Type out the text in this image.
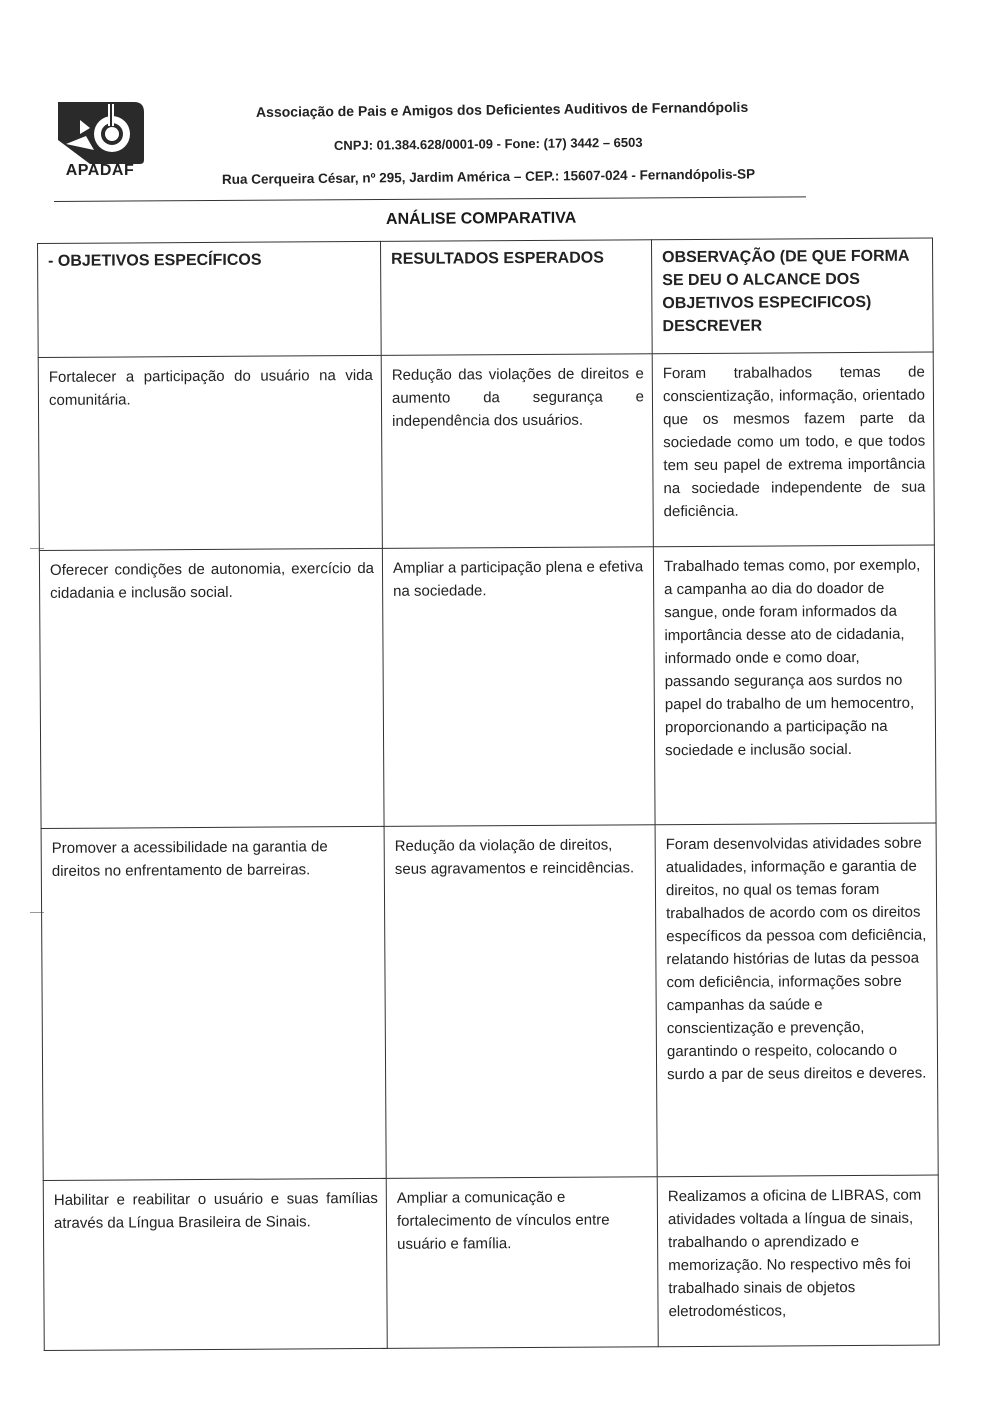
APADAF
Associação de Pais e Amigos dos Deficientes Auditivos de Fernandópolis
CNPJ: 01.384.628/0001-09 - Fone: (17) 3442 – 6503
Rua Cerqueira César, nº 295, Jardim América – CEP.: 15607-024 - Fernandópolis-SP
ANÁLISE COMPARATIVA
- OBJETIVOS ESPECÍFICOS	RESULTADOS ESPERADOS	OBSERVAÇÃO (DE QUE FORMA SE DEU O ALCANCE DOS OBJETIVOS ESPECIFICOS) DESCREVER
Fortalecer a participação do usuário na vida comunitária.	Redução das violações de direitos e aumento da segurança e independência dos usuários.	Foram trabalhados temas de conscientização, informação, orientado que os mesmos fazem parte da sociedade como um todo, e que todos tem seu papel de extrema importância na sociedade independente de sua deficiência.
Oferecer condições de autonomia, exercício da cidadania e inclusão social.	Ampliar a participação plena e efetiva na sociedade.	Trabalhado temas como, por exemplo, a campanha ao dia do doador de sangue, onde foram informados da importância desse ato de cidadania, informado onde e como doar, passando segurança aos surdos no papel do trabalho de um hemocentro, proporcionando a participação na sociedade e inclusão social.
Promover a acessibilidade na garantia de direitos no enfrentamento de barreiras.	Redução da violação de direitos, seus agravamentos e reincidências.	Foram desenvolvidas atividades sobre atualidades, informação e garantia de direitos, no qual os temas foram trabalhados de acordo com os direitos específicos da pessoa com deficiência, relatando histórias de lutas da pessoa com deficiência, informações sobre campanhas da saúde e conscientização e prevenção, garantindo o respeito, colocando o surdo a par de seus direitos e deveres.
Habilitar e reabilitar o usuário e suas famílias através da Língua Brasileira de Sinais.	Ampliar a comunicação e fortalecimento de vínculos entre usuário e família.	Realizamos a oficina de LIBRAS, com atividades voltada a língua de sinais, trabalhando o aprendizado e memorização. No respectivo mês foi trabalhado sinais de objetos eletrodomésticos,
